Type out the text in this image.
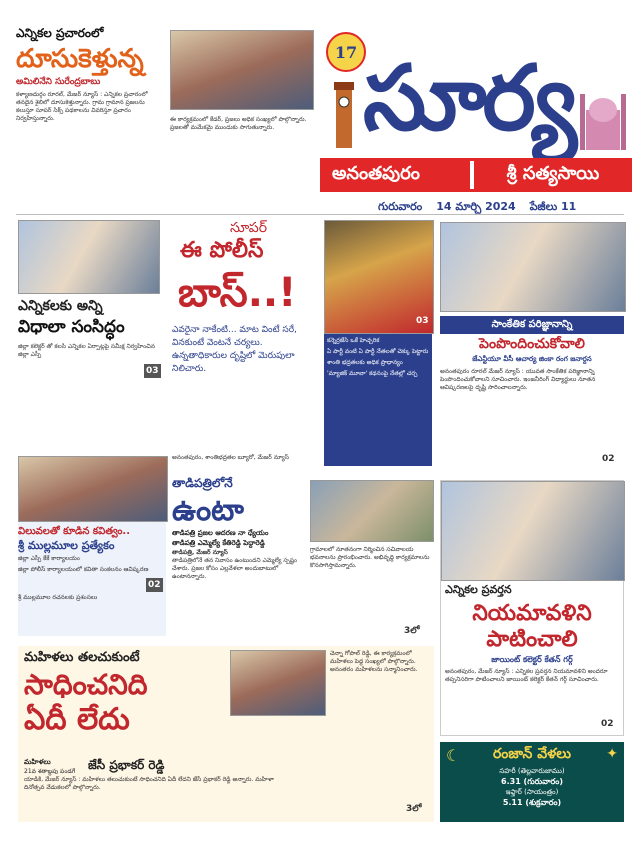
17 సూర్య
అనంతపురం	శ్రీ సత్యసాయి
గురువారం 14 మార్చి 2024 పేజీలు 11
ఎన్నికల ప్రచారంలో
దూసుకెళ్తున్న
అమిలినేని సురేంద్రబాబు
కళ్యాణదుర్గం రూరల్, మేజర్ న్యూస్ : ఎన్నికల ప్రచారంలో తనదైన శైలిలో దూసుకెళ్తున్నారు. గ్రామ గ్రామాన ప్రజలను కలుస్తూ సూపర్ సిక్స్ పథకాలను వివరిస్తూ ప్రచారం నిర్వహిస్తున్నారు.	ఈ కార్యక్రమంలో కేడర్, ప్రజలు అధిక సంఖ్యలో పాల్గొన్నారు. ప్రజలతో మమేకమై ముందుకు సాగుతున్నారు.
ఎన్నికలకు అన్ని
విధాలా సంసిద్ధం
జిల్లా కలెక్టర్ తో కలసి ఎన్నికల ఏర్పాట్లపై సమీక్ష నిర్వహించిన జిల్లా ఎస్పీ
03
సూపర్
ఈ పోలీస్
బాస్..!
ఎవరైనా నాకేంటి... మాట వింటే సరే, వినకుంటే వెంటనే చర్యలు. ఉన్నతాధికారుల దృష్టిలో మెరుపులా నిలిచారు.
అనంతపురం, శాంతిభద్రతల బ్యూరో, మేజర్ న్యూస్
03
కన్నెర్రజేసి ఒకే హెచ్చరిక
ఏ పార్టీ వంటి ఏ పార్టీ నేతలతో చెక్కు పెట్టారు
శాంతి భద్రతలకు అధిక ప్రాధాన్యం
'మ్యాజిక్ మూవా' కథనంపై నేతల్లో చర్చ
సాంకేతిక పరిజ్ఞానాన్ని
పెంపొందించుకోవాలి
జేఎన్టీయూ వీసీ ఆచార్య జింకా రంగ జనార్దన
అనంతపురం రూరల్ మేజర్ న్యూస్ : యువత సాంకేతిక పరిజ్ఞానాన్ని పెంపొందించుకోవాలని సూచించారు. ఇంజనీరింగ్ విద్యార్థులు నూతన ఆవిష్కరణలపై దృష్టి సారించాలన్నారు.
02
విలువలతో కూడిన కవిత్వం..
శ్రీ ముల్లమూల ప్రత్యేకం
జిల్లా ఎస్పీ కేకే కార్యాలయం
జిల్లా పోలీస్ కార్యాలయంలో కవితా సంకలనం ఆవిష్కరణ
శ్రీ ముల్లమూల రచనలకు ప్రశంసలు
02
తాడిపత్రిలోనే
ఉంటా
తాడిపత్రి ప్రజల ఆదరణ నా ధ్యేయం
తాడిపత్రి ఎమ్మెల్యే కేతిరెడ్డి పెద్దారెడ్డి
తాడిపత్రి, మేజర్ న్యూస్
తాడిపత్రిలోనే తన నివాసం ఉంటుందని ఎమ్మెల్యే స్పష్టం చేశారు. ప్రజల కోసం ఎల్లవేళలా అందుబాటులో ఉంటానన్నారు.
గ్రామాలలో నూతనంగా నిర్మించిన సచివాలయ భవనాలను ప్రారంభించారు. అభివృద్ధి కార్యక్రమాలను కొనసాగిస్తామన్నారు.
3లో
ఎన్నికల ప్రవర్తన
నియమావళిని
పాటించాలి
జాయింట్ కలెక్టర్ కేతన్ గర్గ్
అనంతపురం, మేజర్ న్యూస్ : ఎన్నికల ప్రవర్తన నియమావళిని అందరూ తప్పనిసరిగా పాటించాలని జాయింట్ కలెక్టర్ కేతన్ గర్గ్ సూచించారు.
02
మహిళలు తలచుకుంటే
సాధించనిది
ఏదీ లేదు
మహిళలు
21వ శతాబ్దపు పండగే	జేసీ ప్రభాకర్ రెడ్డి
యాడికి, మేజర్ న్యూస్ : మహిళలు తలుచుకుంటే సాధించనిది ఏదీ లేదని జేసీ ప్రభాకర్ రెడ్డి అన్నారు. మహిళా దినోత్సవ వేడుకలలో పాల్గొన్నారు.
చెన్నా గోపాల్ రెడ్డి, ఈ కార్యక్రమంలో మహిళలు పెద్ద సంఖ్యలో పాల్గొన్నారు. అనంతరం మహిళలను సన్మానించారు.
3లో
☾	రంజాన్ వేళలు
సహరీ (తెల్లవారుజాము)
6.31 (గురువారం)
ఇఫ్తార్ (సాయంత్రం)
5.11 (శుక్రవారం)
✦
